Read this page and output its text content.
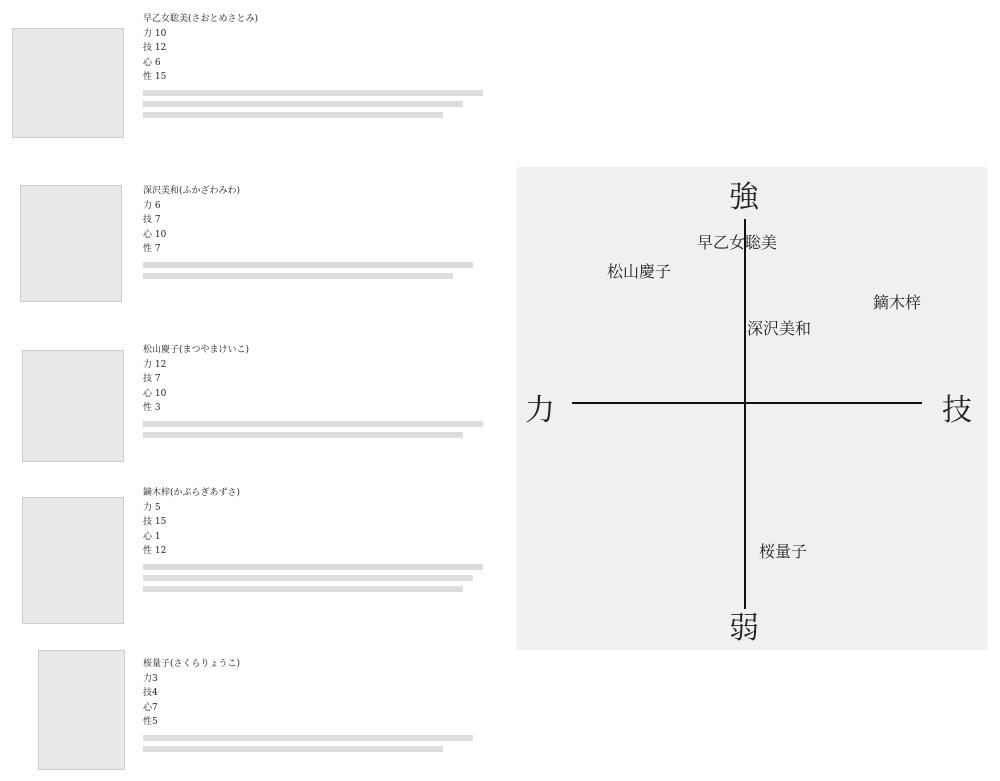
早乙女聡美(さおとめさとみ)
力 10
技 12
心 6
性 15
深沢美和(ふかざわみわ)
力 6
技 7
心 10
性 7
松山慶子(まつやまけいこ)
力 12
技 7
心 10
性 3
鏑木梓(かぶらぎあずさ)
力 5
技 15
心 1
性 12
桜量子(さくらりょうこ)
力3
技4
心7
性5
強
弱
力	技
早乙女聡美
松山慶子
鏑木梓
深沢美和
桜量子
